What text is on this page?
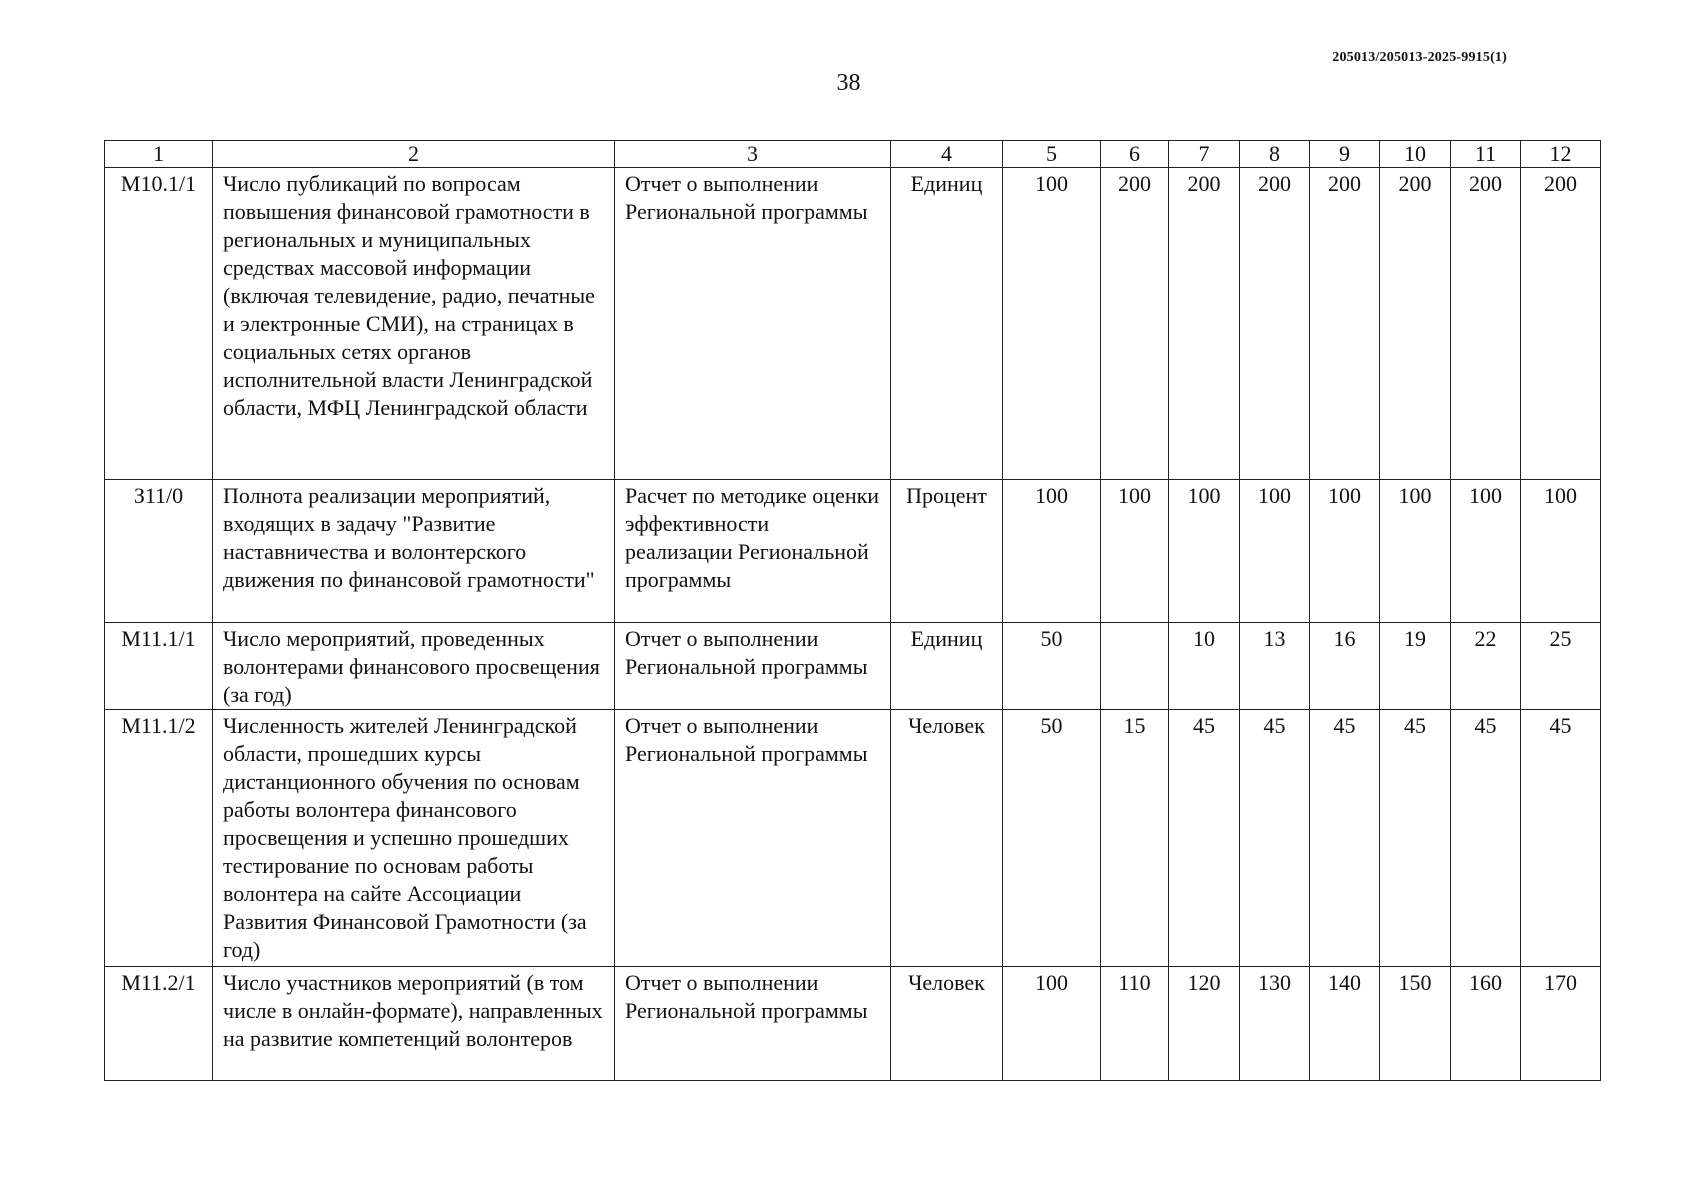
205013/205013-2025-9915(1)
38
1	2	3	4	5	6	7	8	9	10	11	12
М10.1/1	Число публикаций по вопросам повышения финансовой грамотности в региональных и муниципальных средствах массовой информации (включая телевидение, радио, печатные и электронные СМИ), на страницах в социальных сетях органов исполнительной власти Ленинградской области, МФЦ Ленинградской области	Отчет о выполнении Региональной программы	Единиц	100	200	200	200	200	200	200	200
З11/0	Полнота реализации мероприятий, входящих в задачу "Развитие наставничества и волонтерского движения по финансовой грамотности"	Расчет по методике оценки эффективности реализации Региональной программы	Процент	100	100	100	100	100	100	100	100
М11.1/1	Число мероприятий, проведенных волонтерами финансового просвещения (за год)	Отчет о выполнении Региональной программы	Единиц	50		10	13	16	19	22	25
М11.1/2	Численность жителей Ленинградской области, прошедших курсы дистанционного обучения по основам работы волонтера финансового просвещения и успешно прошедших тестирование по основам работы волонтера на сайте Ассоциации Развития Финансовой Грамотности (за год)	Отчет о выполнении Региональной программы	Человек	50	15	45	45	45	45	45	45
М11.2/1	Число участников мероприятий (в том числе в онлайн-формате), направленных на развитие компетенций волонтеров	Отчет о выполнении Региональной программы	Человек	100	110	120	130	140	150	160	170
